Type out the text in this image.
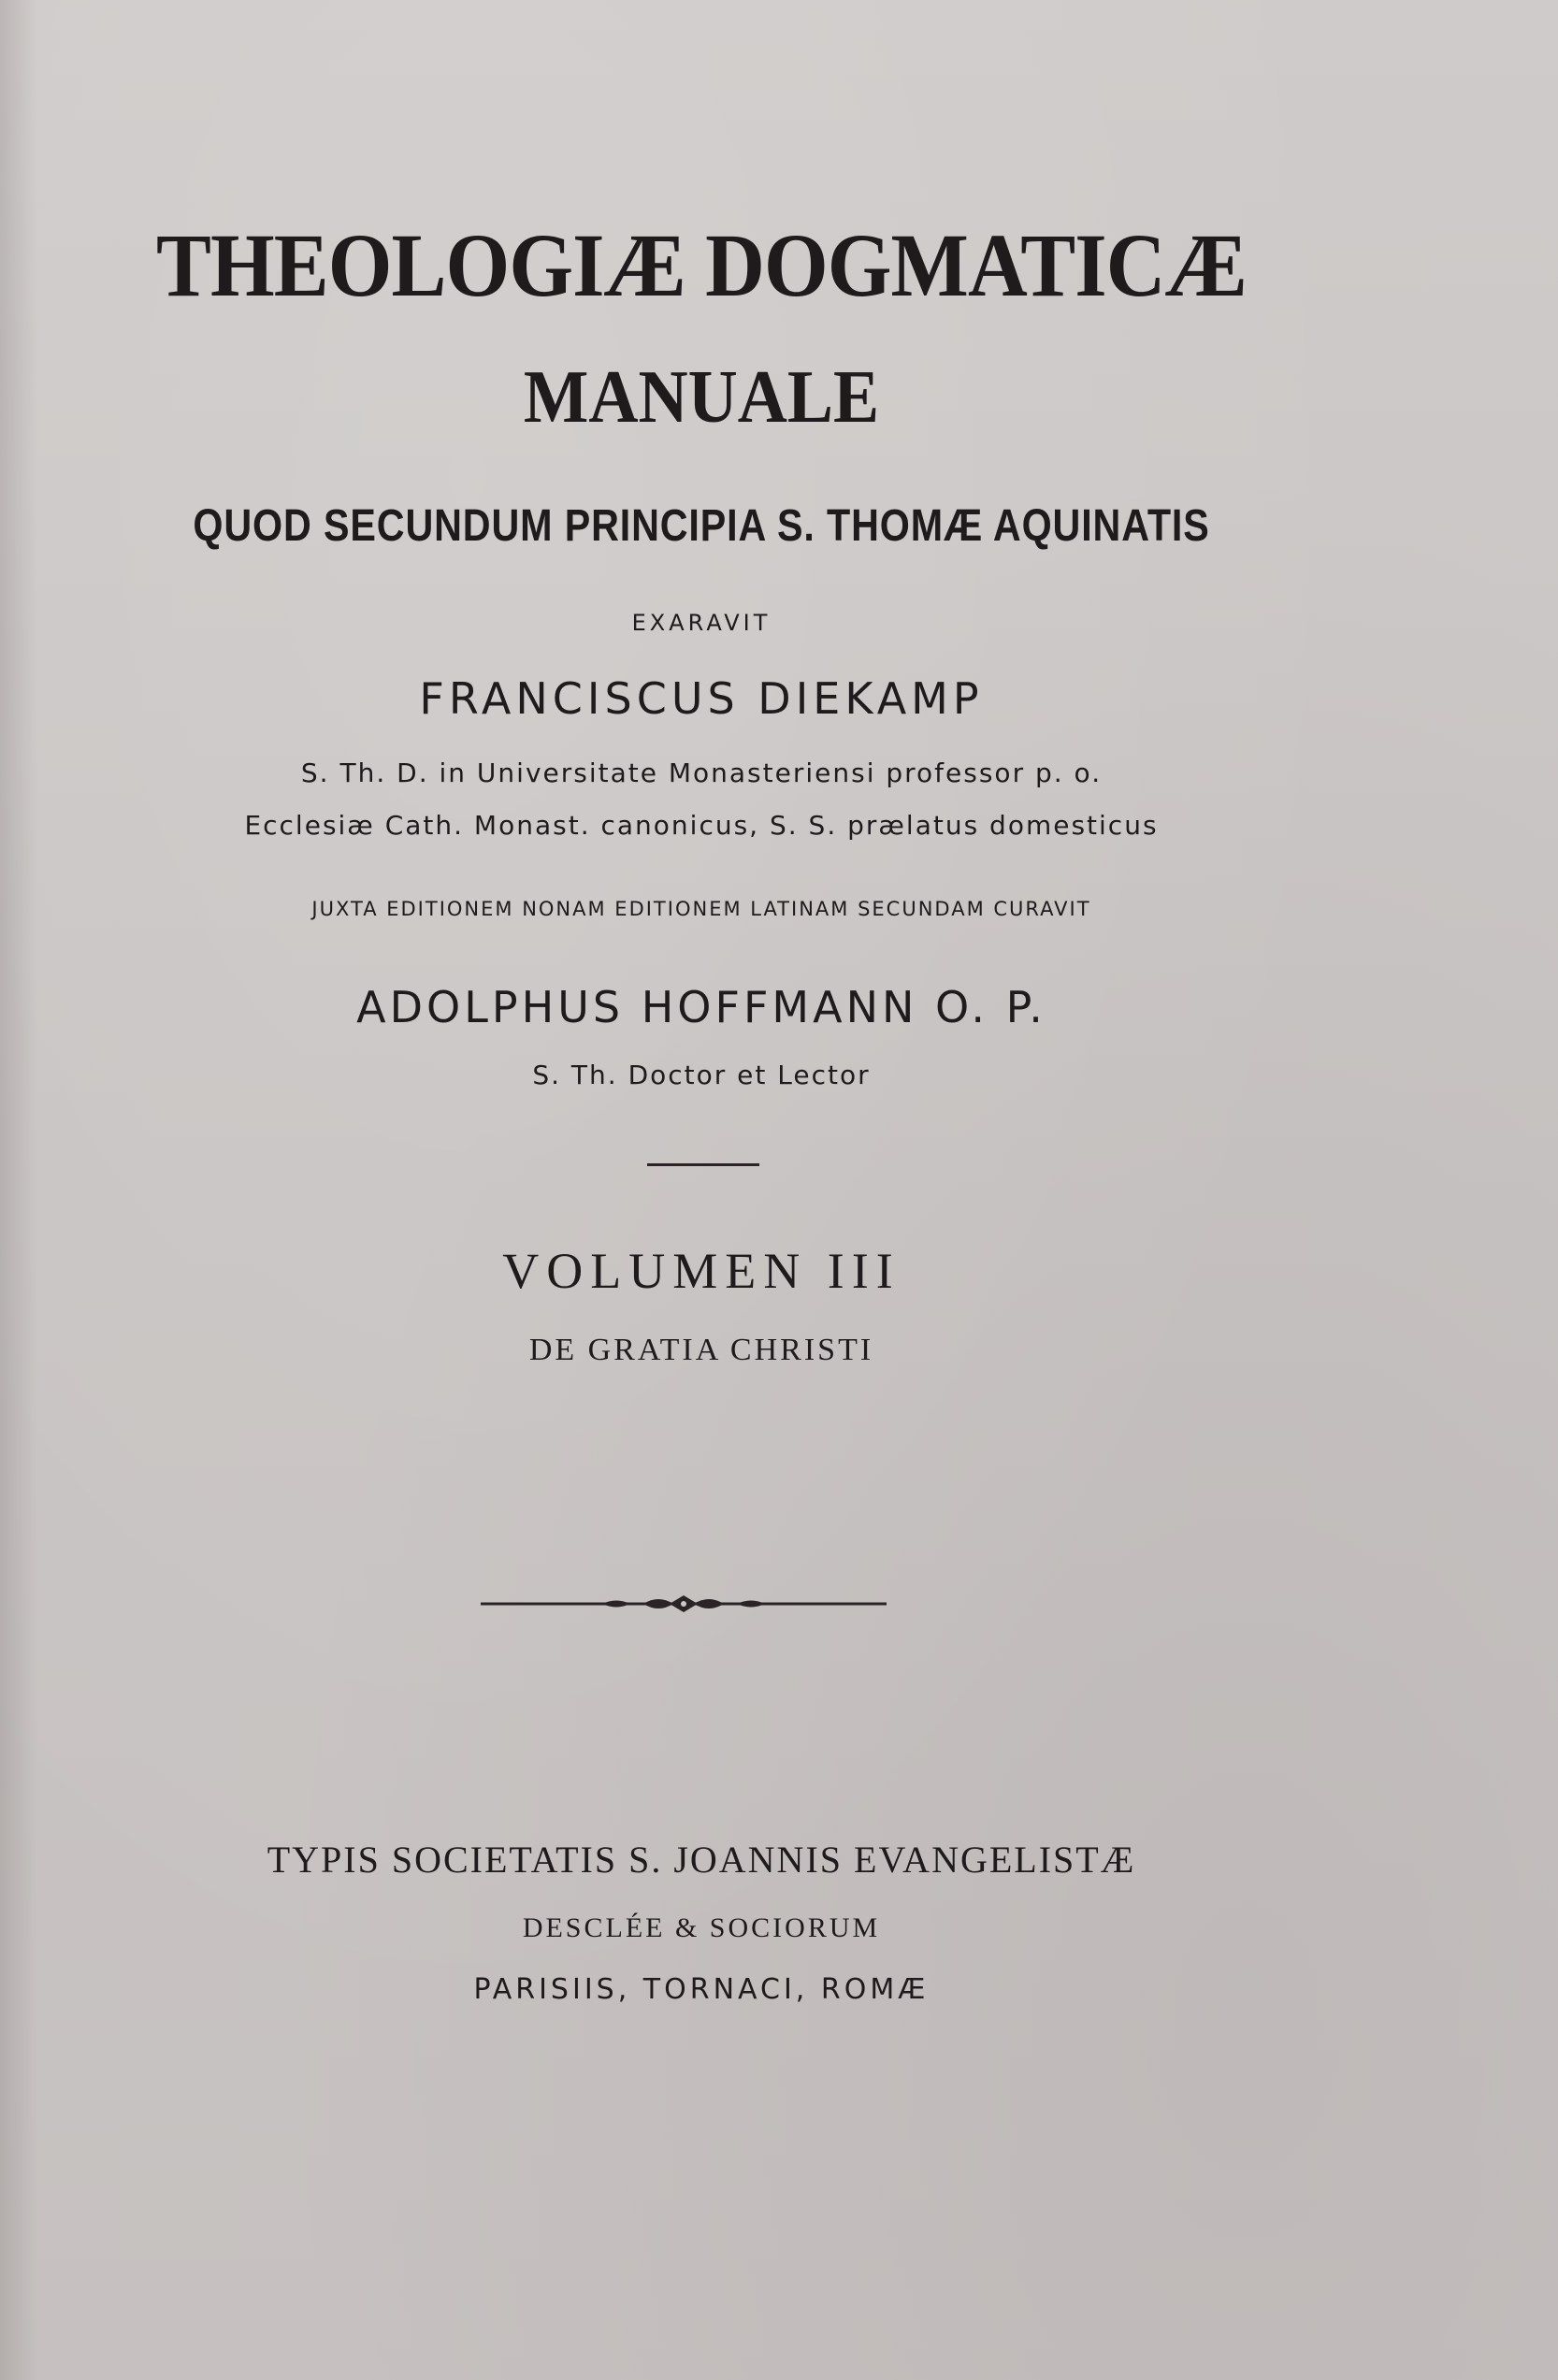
THEOLOGIÆ DOGMATICÆ
MANUALE
QUOD SECUNDUM PRINCIPIA S. THOMÆ AQUINATIS
EXARAVIT
FRANCISCUS DIEKAMP
S. Th. D. in Universitate Monasteriensi professor p. o.
Ecclesiæ Cath. Monast. canonicus, S. S. prælatus domesticus
JUXTA EDITIONEM NONAM EDITIONEM LATINAM SECUNDAM CURAVIT
ADOLPHUS HOFFMANN O. P.
S. Th. Doctor et Lector
VOLUMEN III
DE GRATIA CHRISTI
TYPIS SOCIETATIS S. JOANNIS EVANGELISTÆ
DESCLÉE & SOCIORUM
PARISIIS, TORNACI, ROMÆ
